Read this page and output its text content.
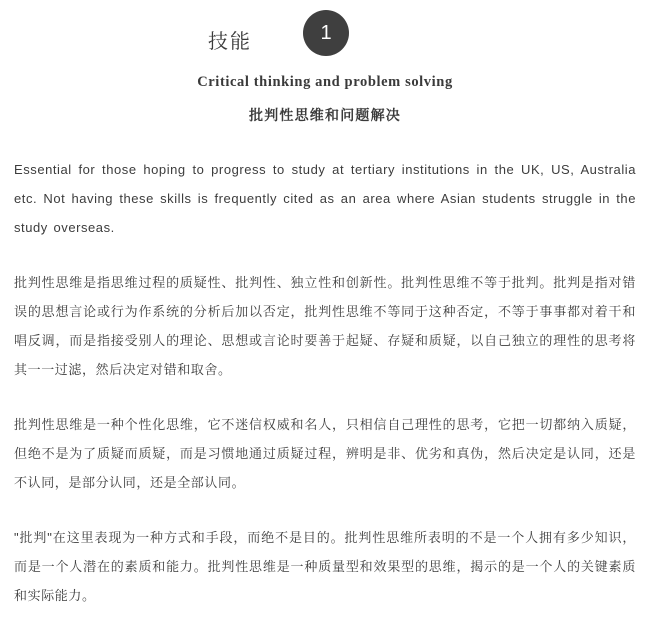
1
技能
Critical thinking and problem solving
批判性思维和问题解决

Essential for those hoping to progress to study at tertiary institutions in the UK, US, Australia etc. Not having these skills is frequently cited as an area where Asian students struggle in the study overseas.

批判性思维是指思维过程的质疑性、批判性、独立性和创新性。批判性思维不等于批判。批判是指对错误的思想言论或行为作系统的分析后加以否定，批判性思维不等同于这种否定，不等于事事都对着干和唱反调，而是指接受别人的理论、思想或言论时要善于起疑、存疑和质疑，以自己独立的理性的思考将其一一过滤，然后决定对错和取舍。

批判性思维是一种个性化思维，它不迷信权威和名人，只相信自己理性的思考，它把一切都纳入质疑，但绝不是为了质疑而质疑，而是习惯地通过质疑过程，辨明是非、优劣和真伪，然后决定是认同，还是不认同，是部分认同，还是全部认同。

"批判"在这里表现为一种方式和手段，而绝不是目的。批判性思维所表明的不是一个人拥有多少知识，而是一个人潜在的素质和能力。批判性思维是一种质量型和效果型的思维，揭示的是一个人的关键素质和实际能力。
